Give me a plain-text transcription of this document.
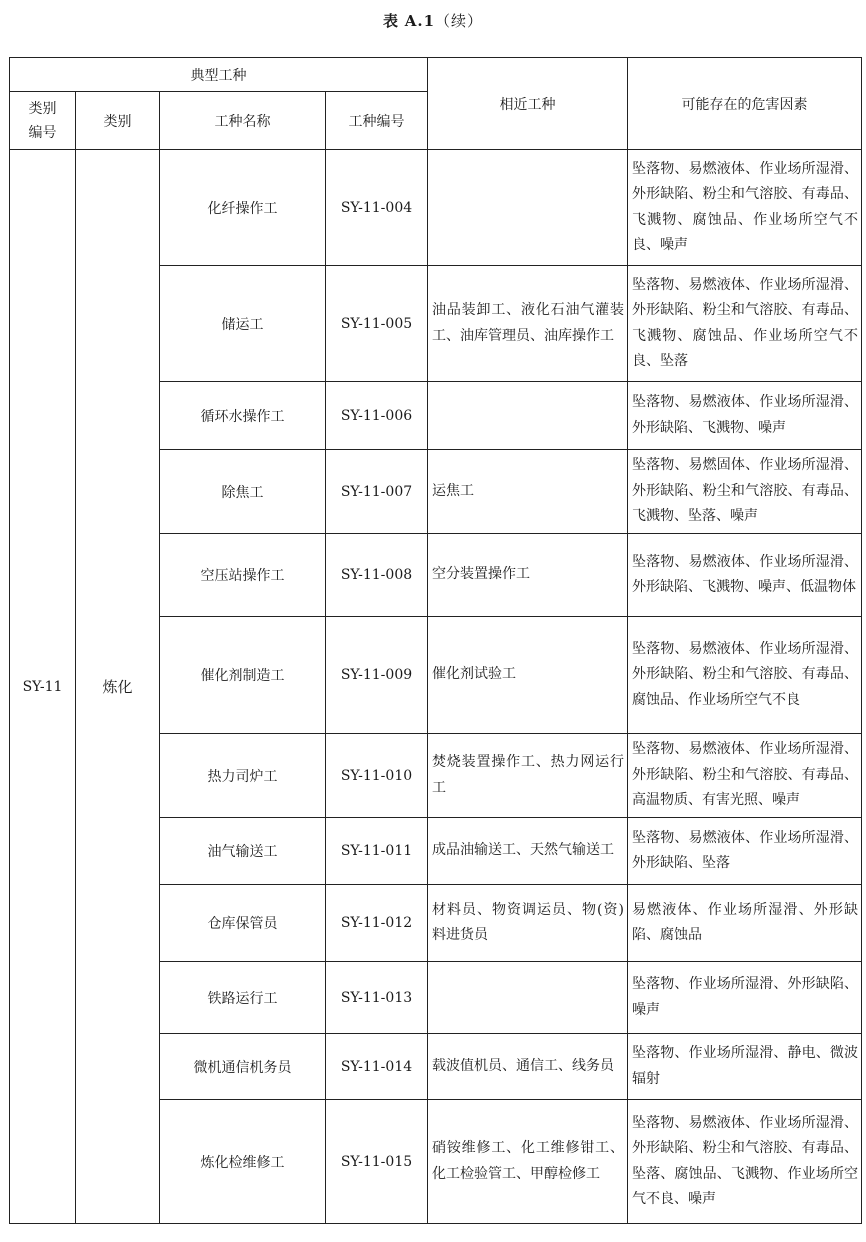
表 A.1（续）
典型工种				相近工种	可能存在的危害因素
类别编号	类别	工种名称	工种编号		
SY-11	炼化	化纤操作工	SY-11-004		坠落物、易燃液体、作业场所湿滑、外形缺陷、粉尘和气溶胶、有毒品、飞溅物、腐蚀品、作业场所空气不良、噪声
		储运工	SY-11-005	油品装卸工、液化石油气灌装工、油库管理员、油库操作工	坠落物、易燃液体、作业场所湿滑、外形缺陷、粉尘和气溶胶、有毒品、飞溅物、腐蚀品、作业场所空气不良、坠落
		循环水操作工	SY-11-006		坠落物、易燃液体、作业场所湿滑、外形缺陷、飞溅物、噪声
		除焦工	SY-11-007	运焦工	坠落物、易燃固体、作业场所湿滑、外形缺陷、粉尘和气溶胶、有毒品、飞溅物、坠落、噪声
		空压站操作工	SY-11-008	空分装置操作工	坠落物、易燃液体、作业场所湿滑、外形缺陷、飞溅物、噪声、低温物体
		催化剂制造工	SY-11-009	催化剂试验工	坠落物、易燃液体、作业场所湿滑、外形缺陷、粉尘和气溶胶、有毒品、腐蚀品、作业场所空气不良
		热力司炉工	SY-11-010	焚烧装置操作工、热力网运行工	坠落物、易燃液体、作业场所湿滑、外形缺陷、粉尘和气溶胶、有毒品、高温物质、有害光照、噪声
		油气输送工	SY-11-011	成品油输送工、天然气输送工	坠落物、易燃液体、作业场所湿滑、外形缺陷、坠落
		仓库保管员	SY-11-012	材料员、物资调运员、物(资)料进货员	易燃液体、作业场所湿滑、外形缺陷、腐蚀品
		铁路运行工	SY-11-013		坠落物、作业场所湿滑、外形缺陷、噪声
		微机通信机务员	SY-11-014	载波值机员、通信工、线务员	坠落物、作业场所湿滑、静电、微波辐射
		炼化检维修工	SY-11-015	硝铵维修工、化工维修钳工、化工检验管工、甲醇检修工	坠落物、易燃液体、作业场所湿滑、外形缺陷、粉尘和气溶胶、有毒品、坠落、腐蚀品、飞溅物、作业场所空气不良、噪声
